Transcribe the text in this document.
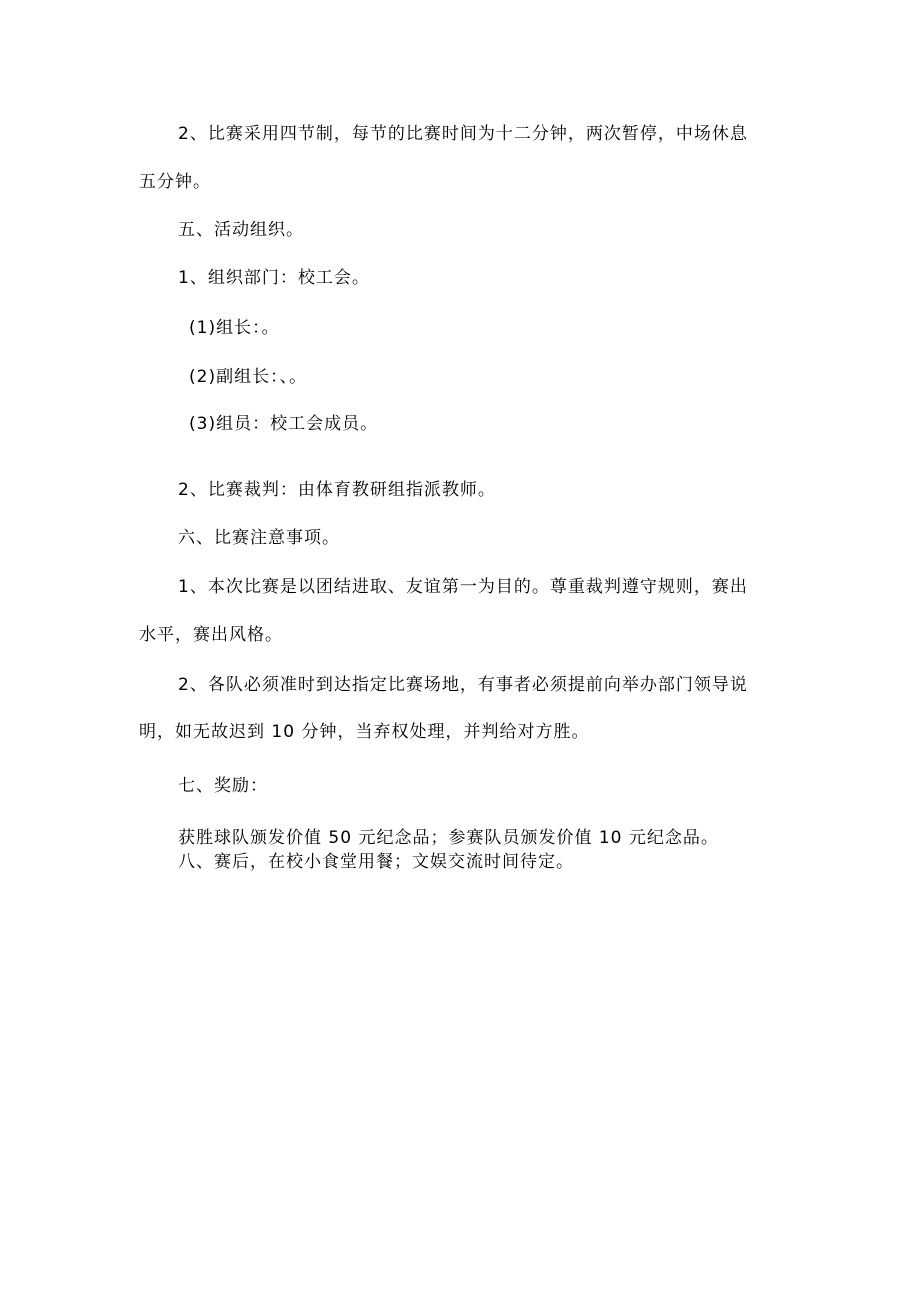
2、比赛采用四节制，每节的比赛时间为十二分钟，两次暂停，中场休息
五分钟。
五、活动组织。
1、组织部门：校工会。
(1)组长：。
(2)副组长：、。
(3)组员：校工会成员。
2、比赛裁判：由体育教研组指派教师。
六、比赛注意事项。
1、本次比赛是以团结进取、友谊第一为目的。尊重裁判遵守规则，赛出
水平，赛出风格。
2、各队必须准时到达指定比赛场地，有事者必须提前向举办部门领导说
明，如无故迟到 10 分钟，当弃权处理，并判给对方胜。
七、奖励：
获胜球队颁发价值 50 元纪念品；参赛队员颁发价值 10 元纪念品。
八、赛后，在校小食堂用餐；文娱交流时间待定。
